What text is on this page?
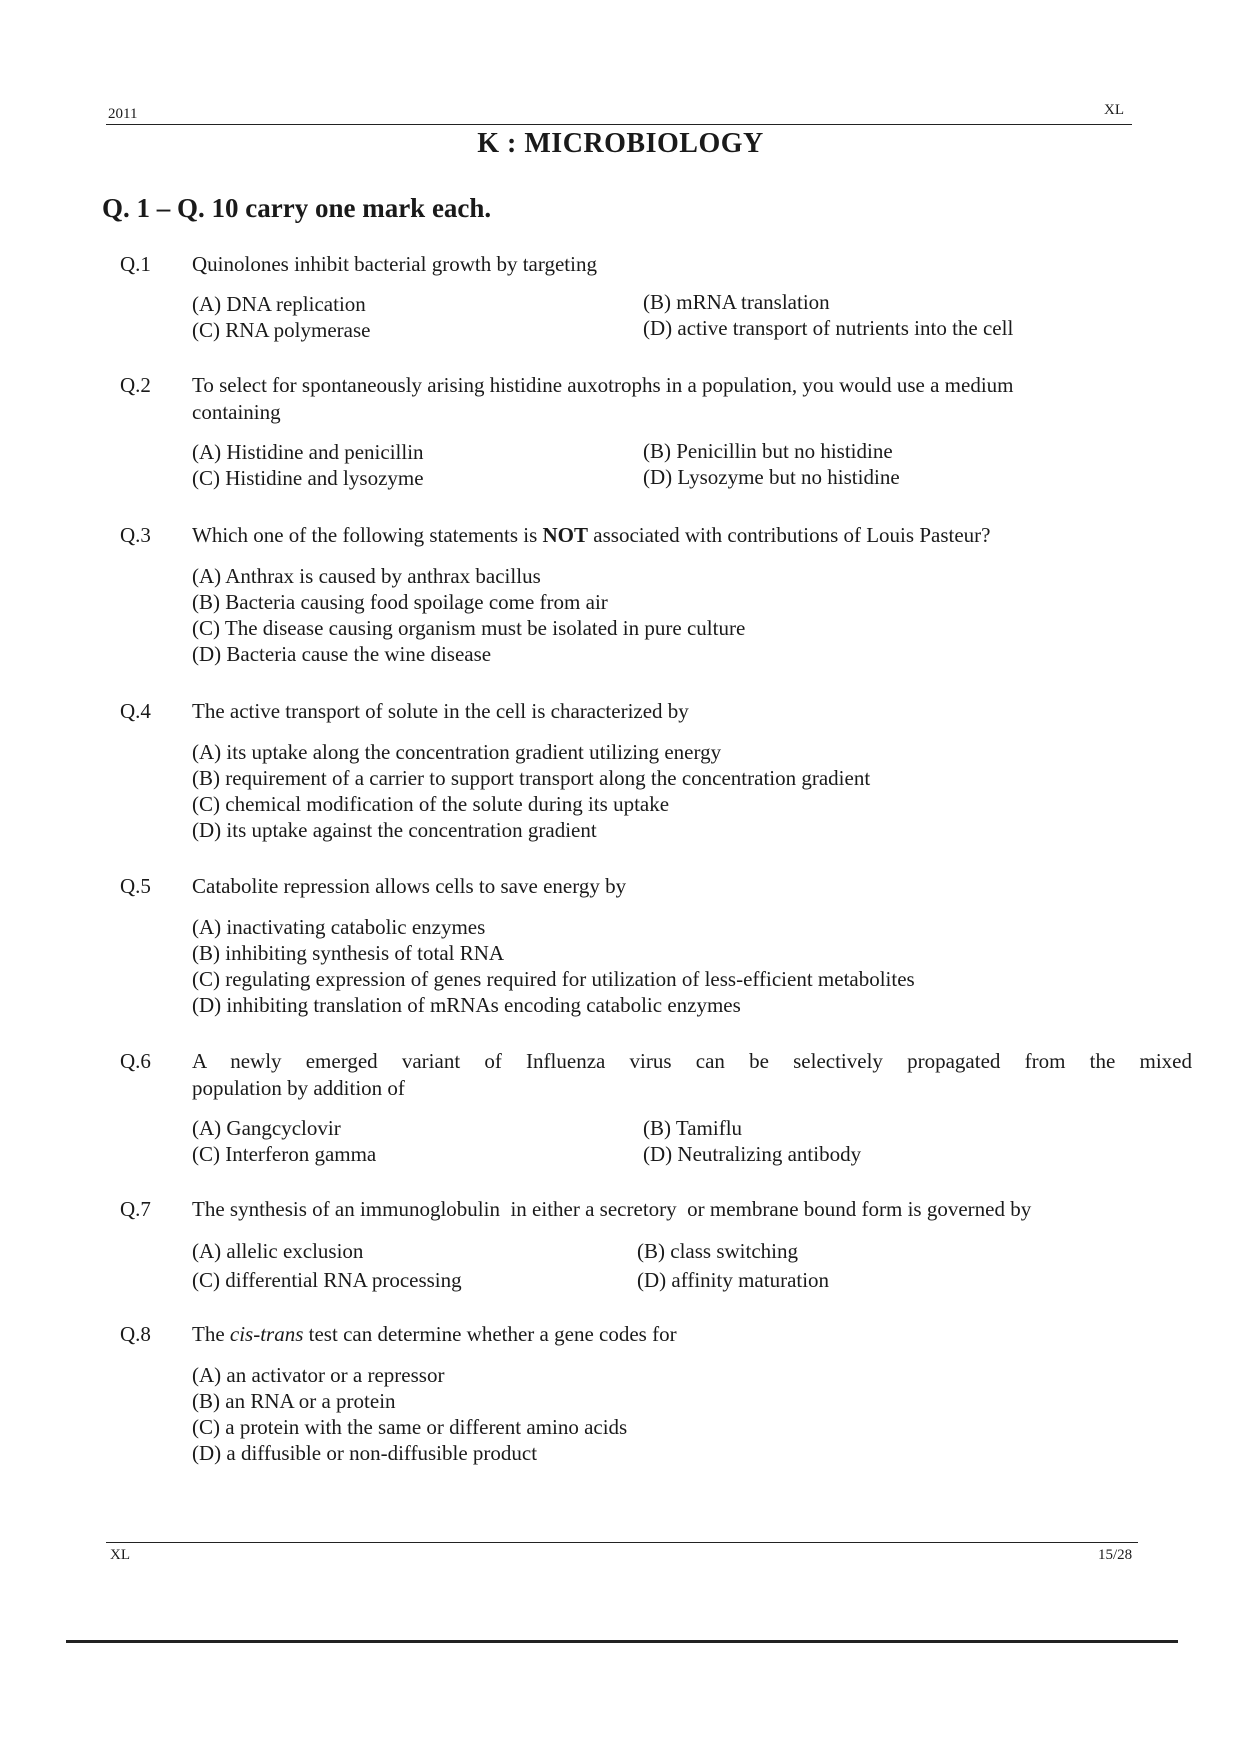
2011	XL
K : MICROBIOLOGY
Q. 1 – Q. 10 carry one mark each.
Q.1 Quinolones inhibit bacterial growth by targeting
(A) DNA replication	(B) mRNA translation
(C) RNA polymerase	(D) active transport of nutrients into the cell
Q.2 To select for spontaneously arising histidine auxotrophs in a population, you would use a medium
containing
(A) Histidine and penicillin	(B) Penicillin but no histidine
(C) Histidine and lysozyme	(D) Lysozyme but no histidine
Q.3 Which one of the following statements is NOT associated with contributions of Louis Pasteur?
(A) Anthrax is caused by anthrax bacillus
(B) Bacteria causing food spoilage come from air
(C) The disease causing organism must be isolated in pure culture
(D) Bacteria cause the wine disease
Q.4 The active transport of solute in the cell is characterized by
(A) its uptake along the concentration gradient utilizing energy
(B) requirement of a carrier to support transport along the concentration gradient
(C) chemical modification of the solute during its uptake
(D) its uptake against the concentration gradient
Q.5 Catabolite repression allows cells to save energy by
(A) inactivating catabolic enzymes
(B) inhibiting synthesis of total RNA
(C) regulating expression of genes required for utilization of less-efficient metabolites
(D) inhibiting translation of mRNAs encoding catabolic enzymes
Q.6 A newly emerged variant of Influenza virus can be selectively propagated from the mixed
population by addition of
(A) Gangcyclovir	(B) Tamiflu
(C) Interferon gamma	(D) Neutralizing antibody
Q.7 The synthesis of an immunoglobulin  in either a secretory  or membrane bound form is governed by
(A) allelic exclusion	(B) class switching
(C) differential RNA processing	(D) affinity maturation
Q.8 The cis-trans test can determine whether a gene codes for
(A) an activator or a repressor
(B) an RNA or a protein
(C) a protein with the same or different amino acids
(D) a diffusible or non-diffusible product
XL	15/28
